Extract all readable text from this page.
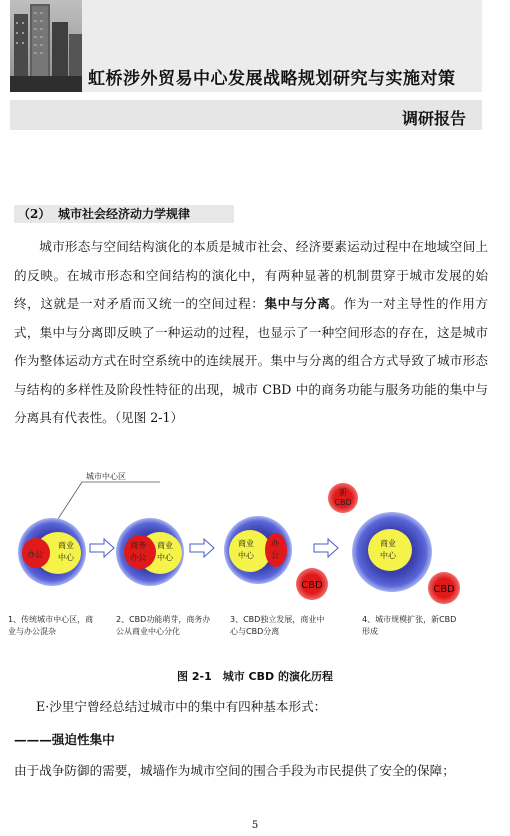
虹桥涉外贸易中心发展战略规划研究与实施对策
调研报告
（2） 城市社会经济动力学规律
城市形态与空间结构演化的本质是城市社会、经济要素运动过程中在地域空间上的反映。在城市形态和空间结构的演化中，有两种显著的机制贯穿于城市发展的始终，这就是一对矛盾而又统一的空间过程：集中与分离。作为一对主导性的作用方式，集中与分离即反映了一种运动的过程，也显示了一种空间形态的存在，这是城市作为整体运动方式在时空系统中的连续展开。集中与分离的组合方式导致了城市形态与结构的多样性及阶段性特征的出现，城市 CBD 中的商务功能与服务功能的集中与分离具有代表性。（见图 2-1）
城市中心区
办公
商业
中心
商务
办公
商业
中心
商业
中心
办
公
CBD
新
CBD
商业
中心
CBD
1、传统城市中心区，商
业与办公混杂
2、CBD功能萌芽，商务办
公从商业中心分化
3、CBD独立发展，商业中
心与CBD分离
4、城市规模扩张，新CBD
形成
图 2-1　城市 CBD 的演化历程
E·沙里宁曾经总结过城市中的集中有四种基本形式：
———强迫性集中
由于战争防御的需要，城墙作为城市空间的围合手段为市民提供了安全的保障；
5
